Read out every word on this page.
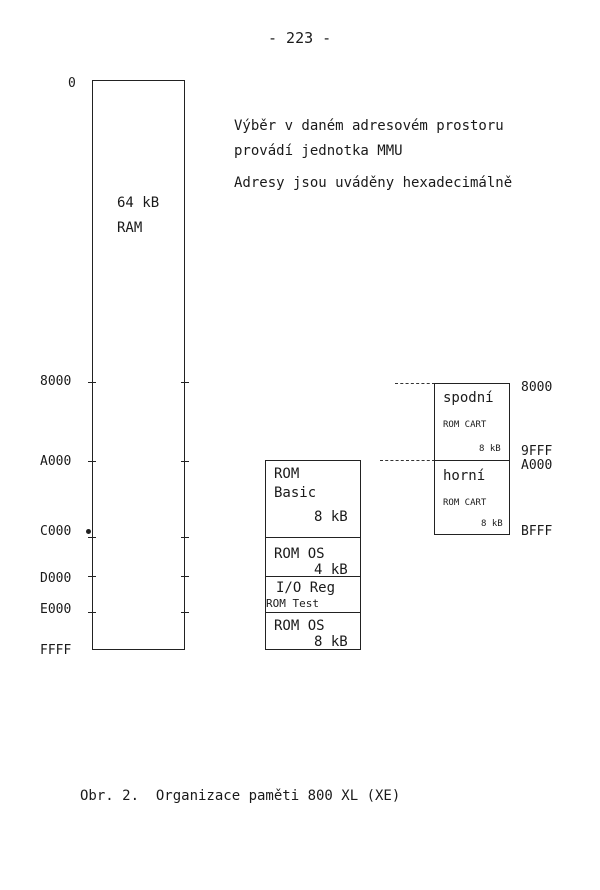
- 223 -
Výběr v daném adresovém prostoru
provádí jednotka MMU
Adresy jsou uváděny hexadecimálně
0
8000
A000
C000
D000
E000
FFFF
64 kB
RAM
ROM
Basic
8 kB
ROM OS
4 kB
I/O Reg
ROM Test
ROM OS
8 kB
spodní
ROM CART
8 kB
horní
ROM CART
8 kB
8000
9FFF
A000
BFFF
Obr. 2.  Organizace paměti 800 XL (XE)
